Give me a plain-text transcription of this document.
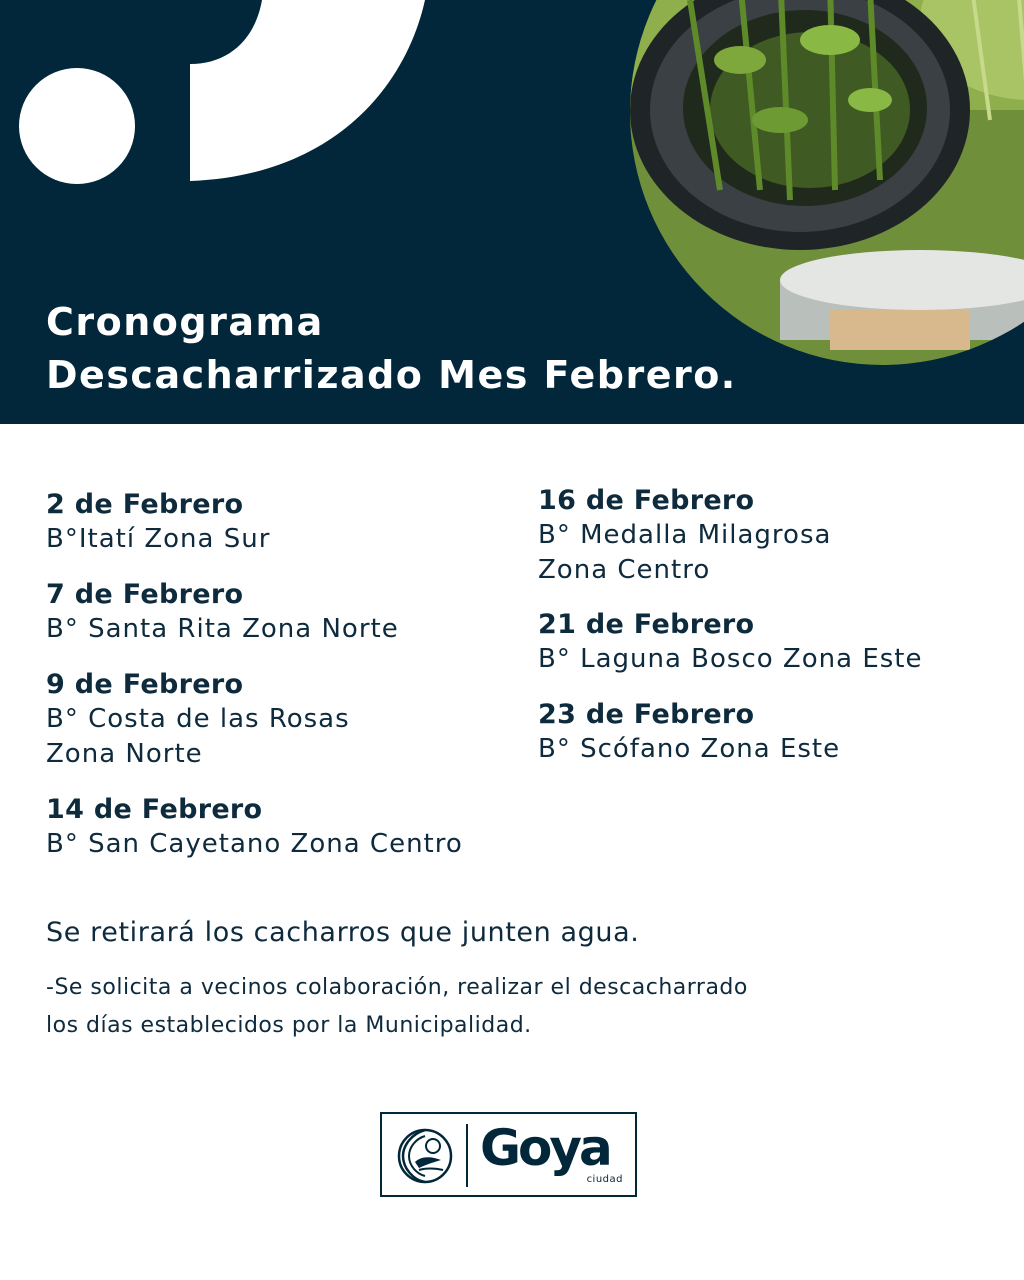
Cronograma
Descacharrizado Mes Febrero.
2 de Febrero
B°Itatí Zona Sur
7 de Febrero
B° Santa Rita Zona Norte
9 de Febrero
B° Costa de las Rosas
Zona Norte
14 de Febrero
B° San Cayetano Zona Centro
16 de Febrero
B° Medalla Milagrosa
Zona Centro
21 de Febrero
B° Laguna Bosco Zona Este
23 de Febrero
B° Scófano Zona Este

Se retirará los cacharros que junten agua.

-Se solicita a vecinos colaboración, realizar el descacharrado
los días establecidos por la Municipalidad.

Goya
ciudad
